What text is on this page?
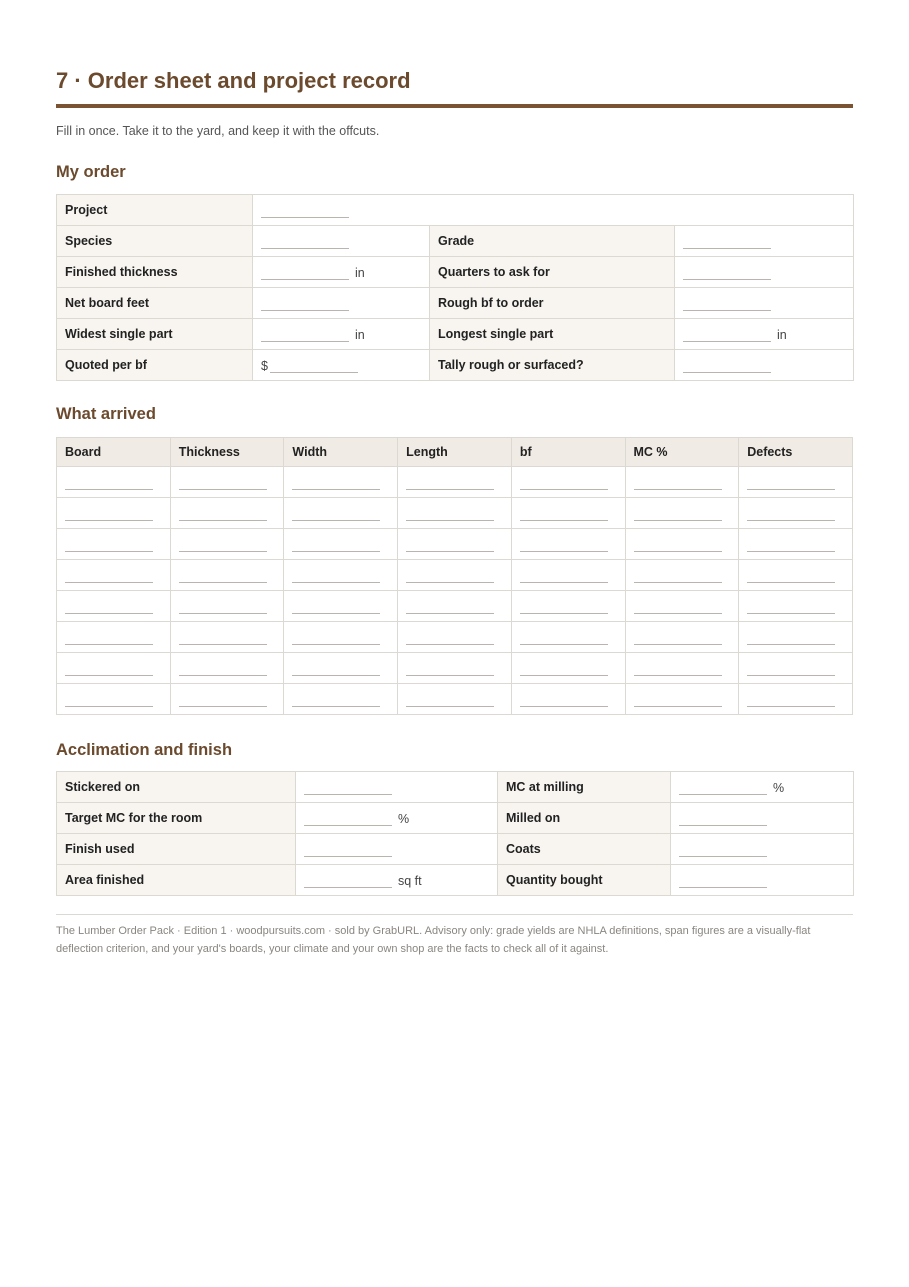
7 · Order sheet and project record
Fill in once. Take it to the yard, and keep it with the offcuts.
My order
Project			
Species		Grade	
Finished thickness	in	Quarters to ask for	
Net board feet		Rough bf to order	
Widest single part	in	Longest single part	in
Quoted per bf	$	Tally rough or surfaced?	
What arrived
Board	Thickness	Width	Length	bf	MC %	Defects

Acclimation and finish
Stickered on		MC at milling	%
Target MC for the room	%	Milled on	
Finish used		Coats	
Area finished	sq ft	Quantity bought	
The Lumber Order Pack · Edition 1 · woodpursuits.com · sold by GrabURL. Advisory only: grade yields are NHLA definitions, span figures are a visually-flat deflection criterion, and your yard's boards, your climate and your own shop are the facts to check all of it against.
